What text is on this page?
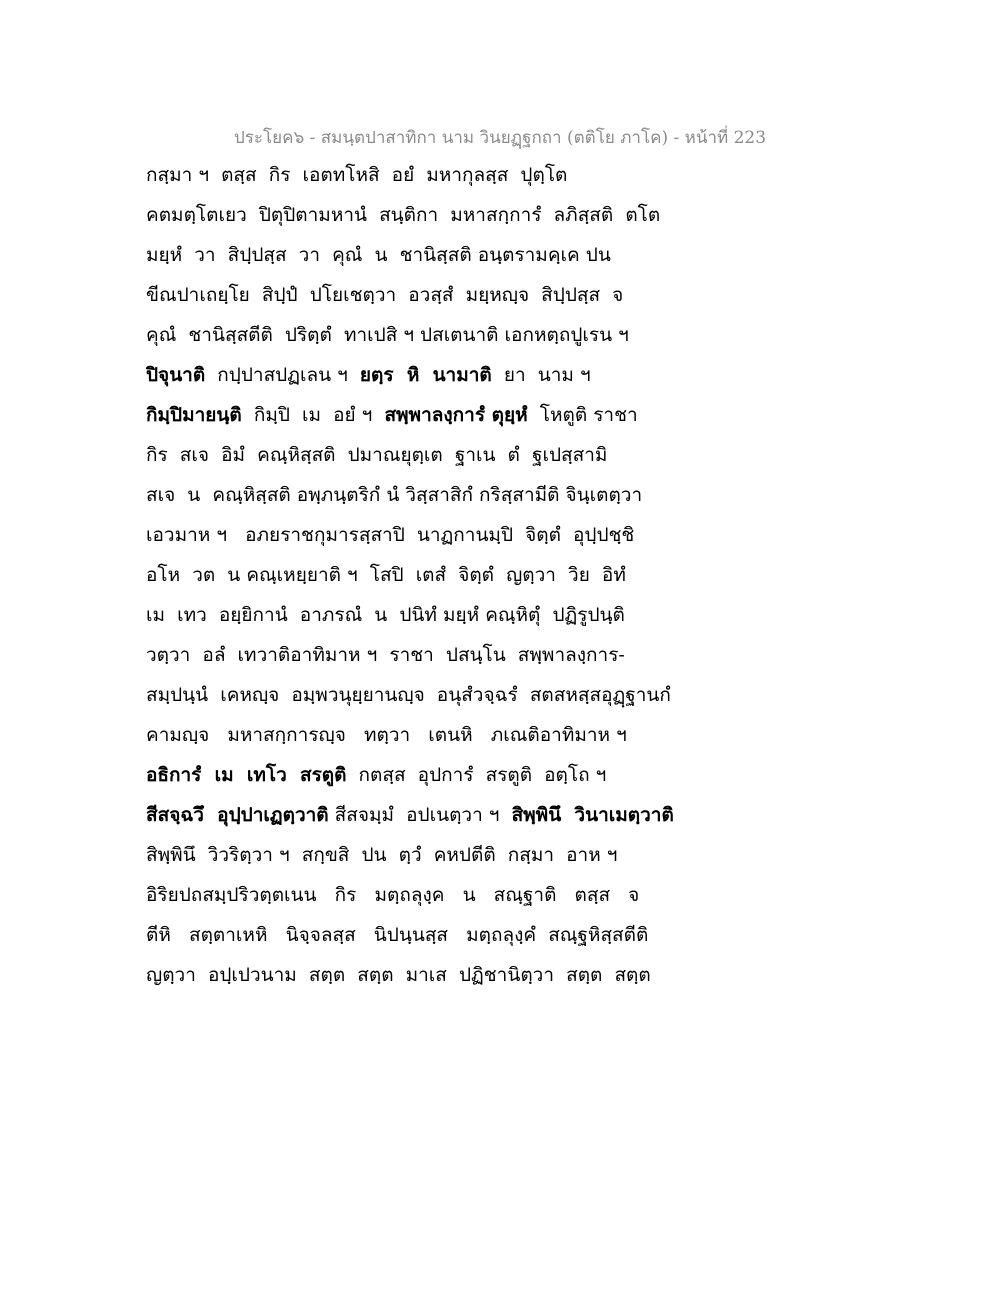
ประโยค๖ - สมนฺตปาสาทิกา นาม วินยฏฺฐกถา (ตติโย ภาโค) - หน้าที่ 223
กสฺมา ฯ  ตสฺส  กิร  เอตทโหสิ  อยํ  มหากุลสฺส  ปุตฺโต
คตมตฺโตเยว  ปิตุปิตามหานํ  สนฺติกา  มหาสกฺการํ  ลภิสฺสติ  ตโต
มยฺหํ  วา  สิปฺปสฺส  วา  คุณํ  น  ชานิสฺสติ อนฺตรามคฺเค ปน
ขีณปาเถยฺโย  สิปฺปํ  ปโยเชตฺวา  อวสฺสํ  มยฺหญฺจ  สิปฺปสฺส  จ
คุณํ  ชานิสฺสตีติ  ปริตฺตํ  ทาเปสิ ฯ ปสเตนาติ เอกหตฺถปูเรน ฯ
ปิจุนาติ  กปฺปาสปฏเลน ฯ  ยตฺร  หิ  นามาติ  ยา  นาม ฯ
กิมฺปิมายนฺติ  กิมฺปิ  เม  อยํ ฯ  สพฺพาลงฺการํ ตุยฺหํ  โหตูติ ราชา
กิร  สเจ  อิมํ  คณฺหิสฺสติ  ปมาณยุตฺเต  ฐาเน  ตํ  ฐเปสฺสามิ
สเจ  น  คณฺหิสฺสติ อพฺภนฺตริกํ นํ วิสฺสาสิกํ กริสฺสามีติ จินฺเตตฺวา
เอวมาห ฯ   อภยราชกุมารสฺสาปิ  นาฏกานมฺปิ  จิตฺตํ  อุปฺปชฺชิ
อโห  วต  น คณฺเหยฺยาติ ฯ  โสปิ  เตสํ  จิตฺตํ  ญตฺวา  วิย  อิทํ
เม  เทว  อยฺยิกานํ  อาภรณํ  น  ปนิทํ มยฺหํ คณฺหิตุํ  ปฏิรูปนฺติ
วตฺวา  อลํ  เทวาติอาทิมาห ฯ  ราชา  ปสนฺโน  สพฺพาลงฺการ-
สมฺปนฺนํ  เคหญฺจ  อมฺพวนุยฺยานญฺจ  อนุสํวจฺฉรํ  สตสหสฺสอุฏฺฐานกํ
คามญฺจ   มหาสกฺการญฺจ   ทตฺวา   เตนหิ   ภเณติอาทิมาห ฯ
อธิการํ  เม  เทโว  สรตูติ  กตสฺส  อุปการํ  สรตูติ  อตฺโถ ฯ
สีสจฺฉวึ  อุปฺปาเฏตฺวาติ สีสจมฺมํ  อปเนตฺวา ฯ  สิพฺพินึ  วินาเมตฺวาติ
สิพฺพินึ  วิวริตฺวา ฯ  สกฺขสิ  ปน  ตฺวํ  คหปตีติ  กสฺมา  อาห ฯ
อิริยปถสมฺปริวตฺตเนน   กิร   มตฺถลุงฺค   น   สณฺฐาติ   ตสฺส   จ
ตีหิ   สตฺตาเหหิ   นิจฺจลสฺส   นิปนฺนสฺส   มตฺถลุงฺคํ  สณฺฐหิสฺสตีติ
ญตฺวา  อปฺเปวนาม  สตฺต  สตฺต  มาเส  ปฏิชานิตฺวา  สตฺต  สตฺต
